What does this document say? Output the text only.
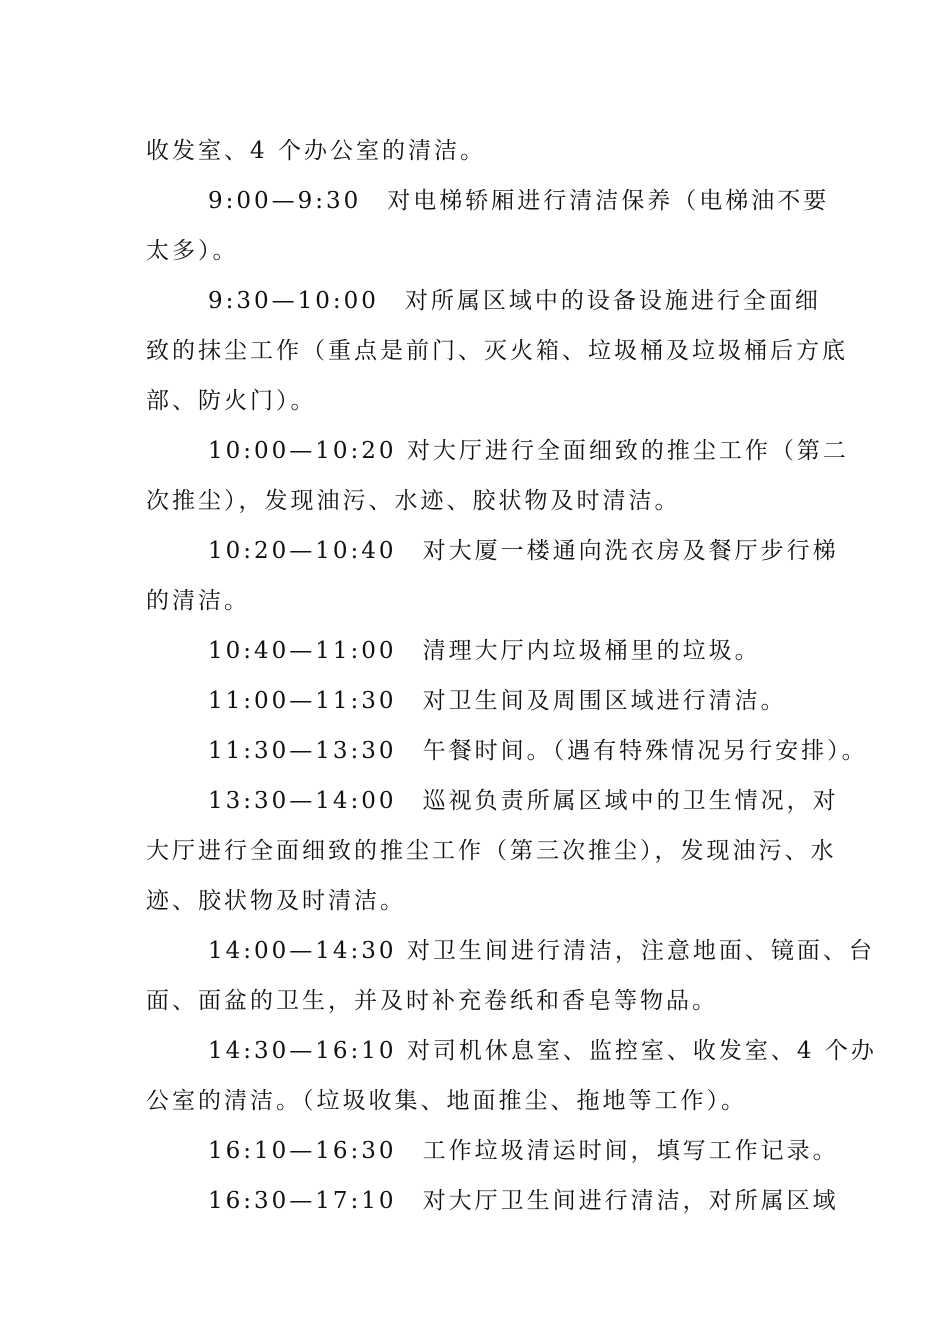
收发室、4 个办公室的清洁。
9:00—9:30　对电梯轿厢进行清洁保养（电梯油不要
太多）。
9:30—10:00　对所属区域中的设备设施进行全面细
致的抹尘工作（重点是前门、灭火箱、垃圾桶及垃圾桶后方底
部、防火门）。
10:00—10:20 对大厅进行全面细致的推尘工作（第二
次推尘），发现油污、水迹、胶状物及时清洁。
10:20—10:40　对大厦一楼通向洗衣房及餐厅步行梯
的清洁。
10:40—11:00　清理大厅内垃圾桶里的垃圾。
11:00—11:30　对卫生间及周围区域进行清洁。
11:30—13:30　午餐时间。（遇有特殊情况另行安排）。
13:30—14:00　巡视负责所属区域中的卫生情况，对
大厅进行全面细致的推尘工作（第三次推尘），发现油污、水
迹、胶状物及时清洁。
14:00—14:30 对卫生间进行清洁，注意地面、镜面、台
面、面盆的卫生，并及时补充卷纸和香皂等物品。
14:30—16:10 对司机休息室、监控室、收发室、4 个办
公室的清洁。（垃圾收集、地面推尘、拖地等工作）。
16:10—16:30　工作垃圾清运时间，填写工作记录。
16:30—17:10　对大厅卫生间进行清洁，对所属区域
